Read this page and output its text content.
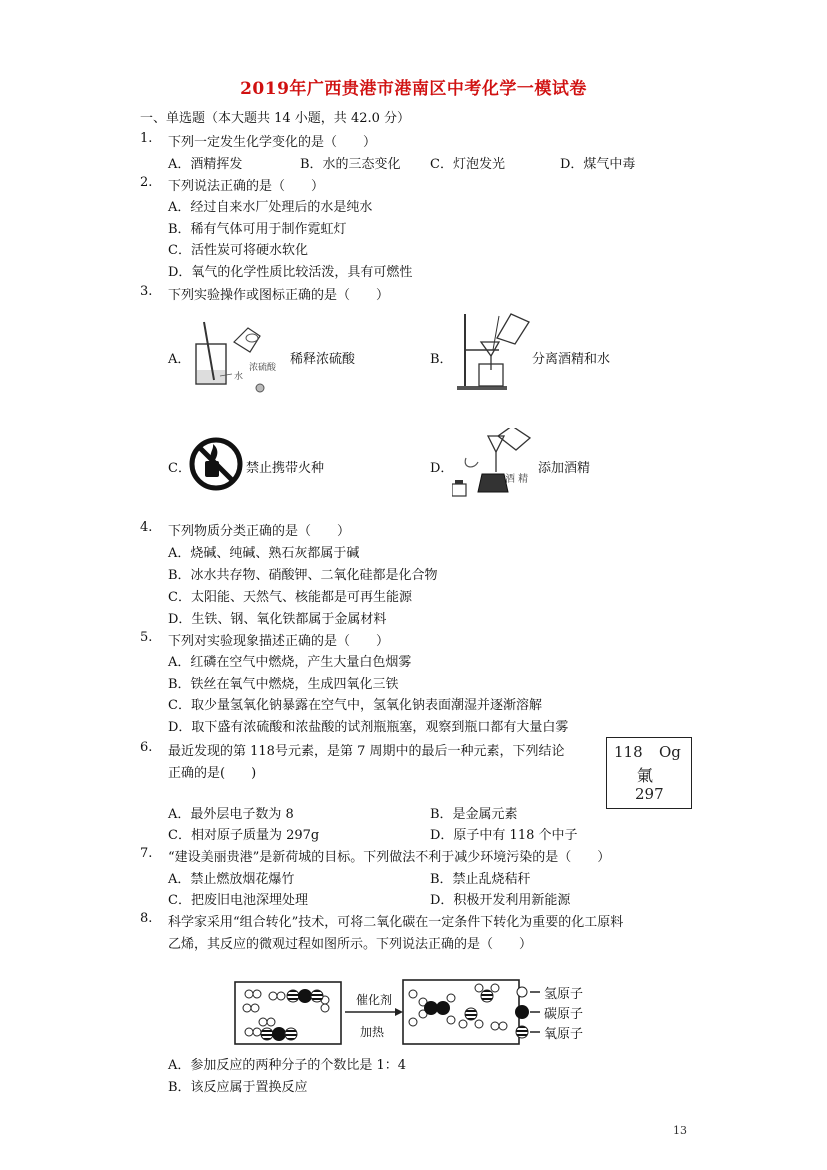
2019年广西贵港市港南区中考化学一模试卷
一、单选题（本大题共 14 小题，共 42.0 分）
1. 下列一定发生化学变化的是（　　）
A．酒精挥发	B．水的三态变化 C．灯泡发光	D．煤气中毒
2. 下列说法正确的是（　　）
A．经过自来水厂处理后的水是纯水
B．稀有气体可用于制作霓虹灯
C．活性炭可将硬水软化
D．氧气的化学性质比较活泼，具有可燃性
3. 下列实验操作或图标正确的是（　　）
A．
水
浓硫酸
稀释浓硫酸	B．	分离酒精和水
C．	禁止携带火种	D．
酒 精
添加酒精
4. 下列物质分类正确的是（　　）
A．烧碱、纯碱、熟石灰都属于碱
B．冰水共存物、硝酸钾、二氧化硅都是化合物
C．太阳能、天然气、核能都是可再生能源
D．生铁、钢、氧化铁都属于金属材料
5. 下列对实验现象描述正确的是（　　）
A．红磷在空气中燃烧，产生大量白色烟雾
B．铁丝在氧气中燃烧，生成四氧化三铁
C．取少量氢氧化钠暴露在空气中，氢氧化钠表面潮湿并逐渐溶解
D．取下盛有浓硫酸和浓盐酸的试剂瓶瓶塞，观察到瓶口都有大量白雾
6. 最近发现的第 118号元素，是第 7 周期中的最后一种元素，下列结论
正确的是(　　)
118 Og
氭
297
A．最外层电子数为 8	B．是金属元素
C．相对原子质量为 297g	D．原子中有 118 个中子
7. “建设美丽贵港”是新荷城的目标。下列做法不利于减少环境污染的是（　　）
A．禁止燃放烟花爆竹	B．禁止乱烧秸秆
C．把废旧电池深埋处理	D．积极开发利用新能源
8. 科学家采用“组合转化”技术，可将二氧化碳在一定条件下转化为重要的化工原料
乙烯，其反应的微观过程如图所示。下列说法正确的是（　　）
催化剂
加热
氢原子
碳原子
氧原子
A．参加反应的两种分子的个数比是 1：4
B．该反应属于置换反应
13
